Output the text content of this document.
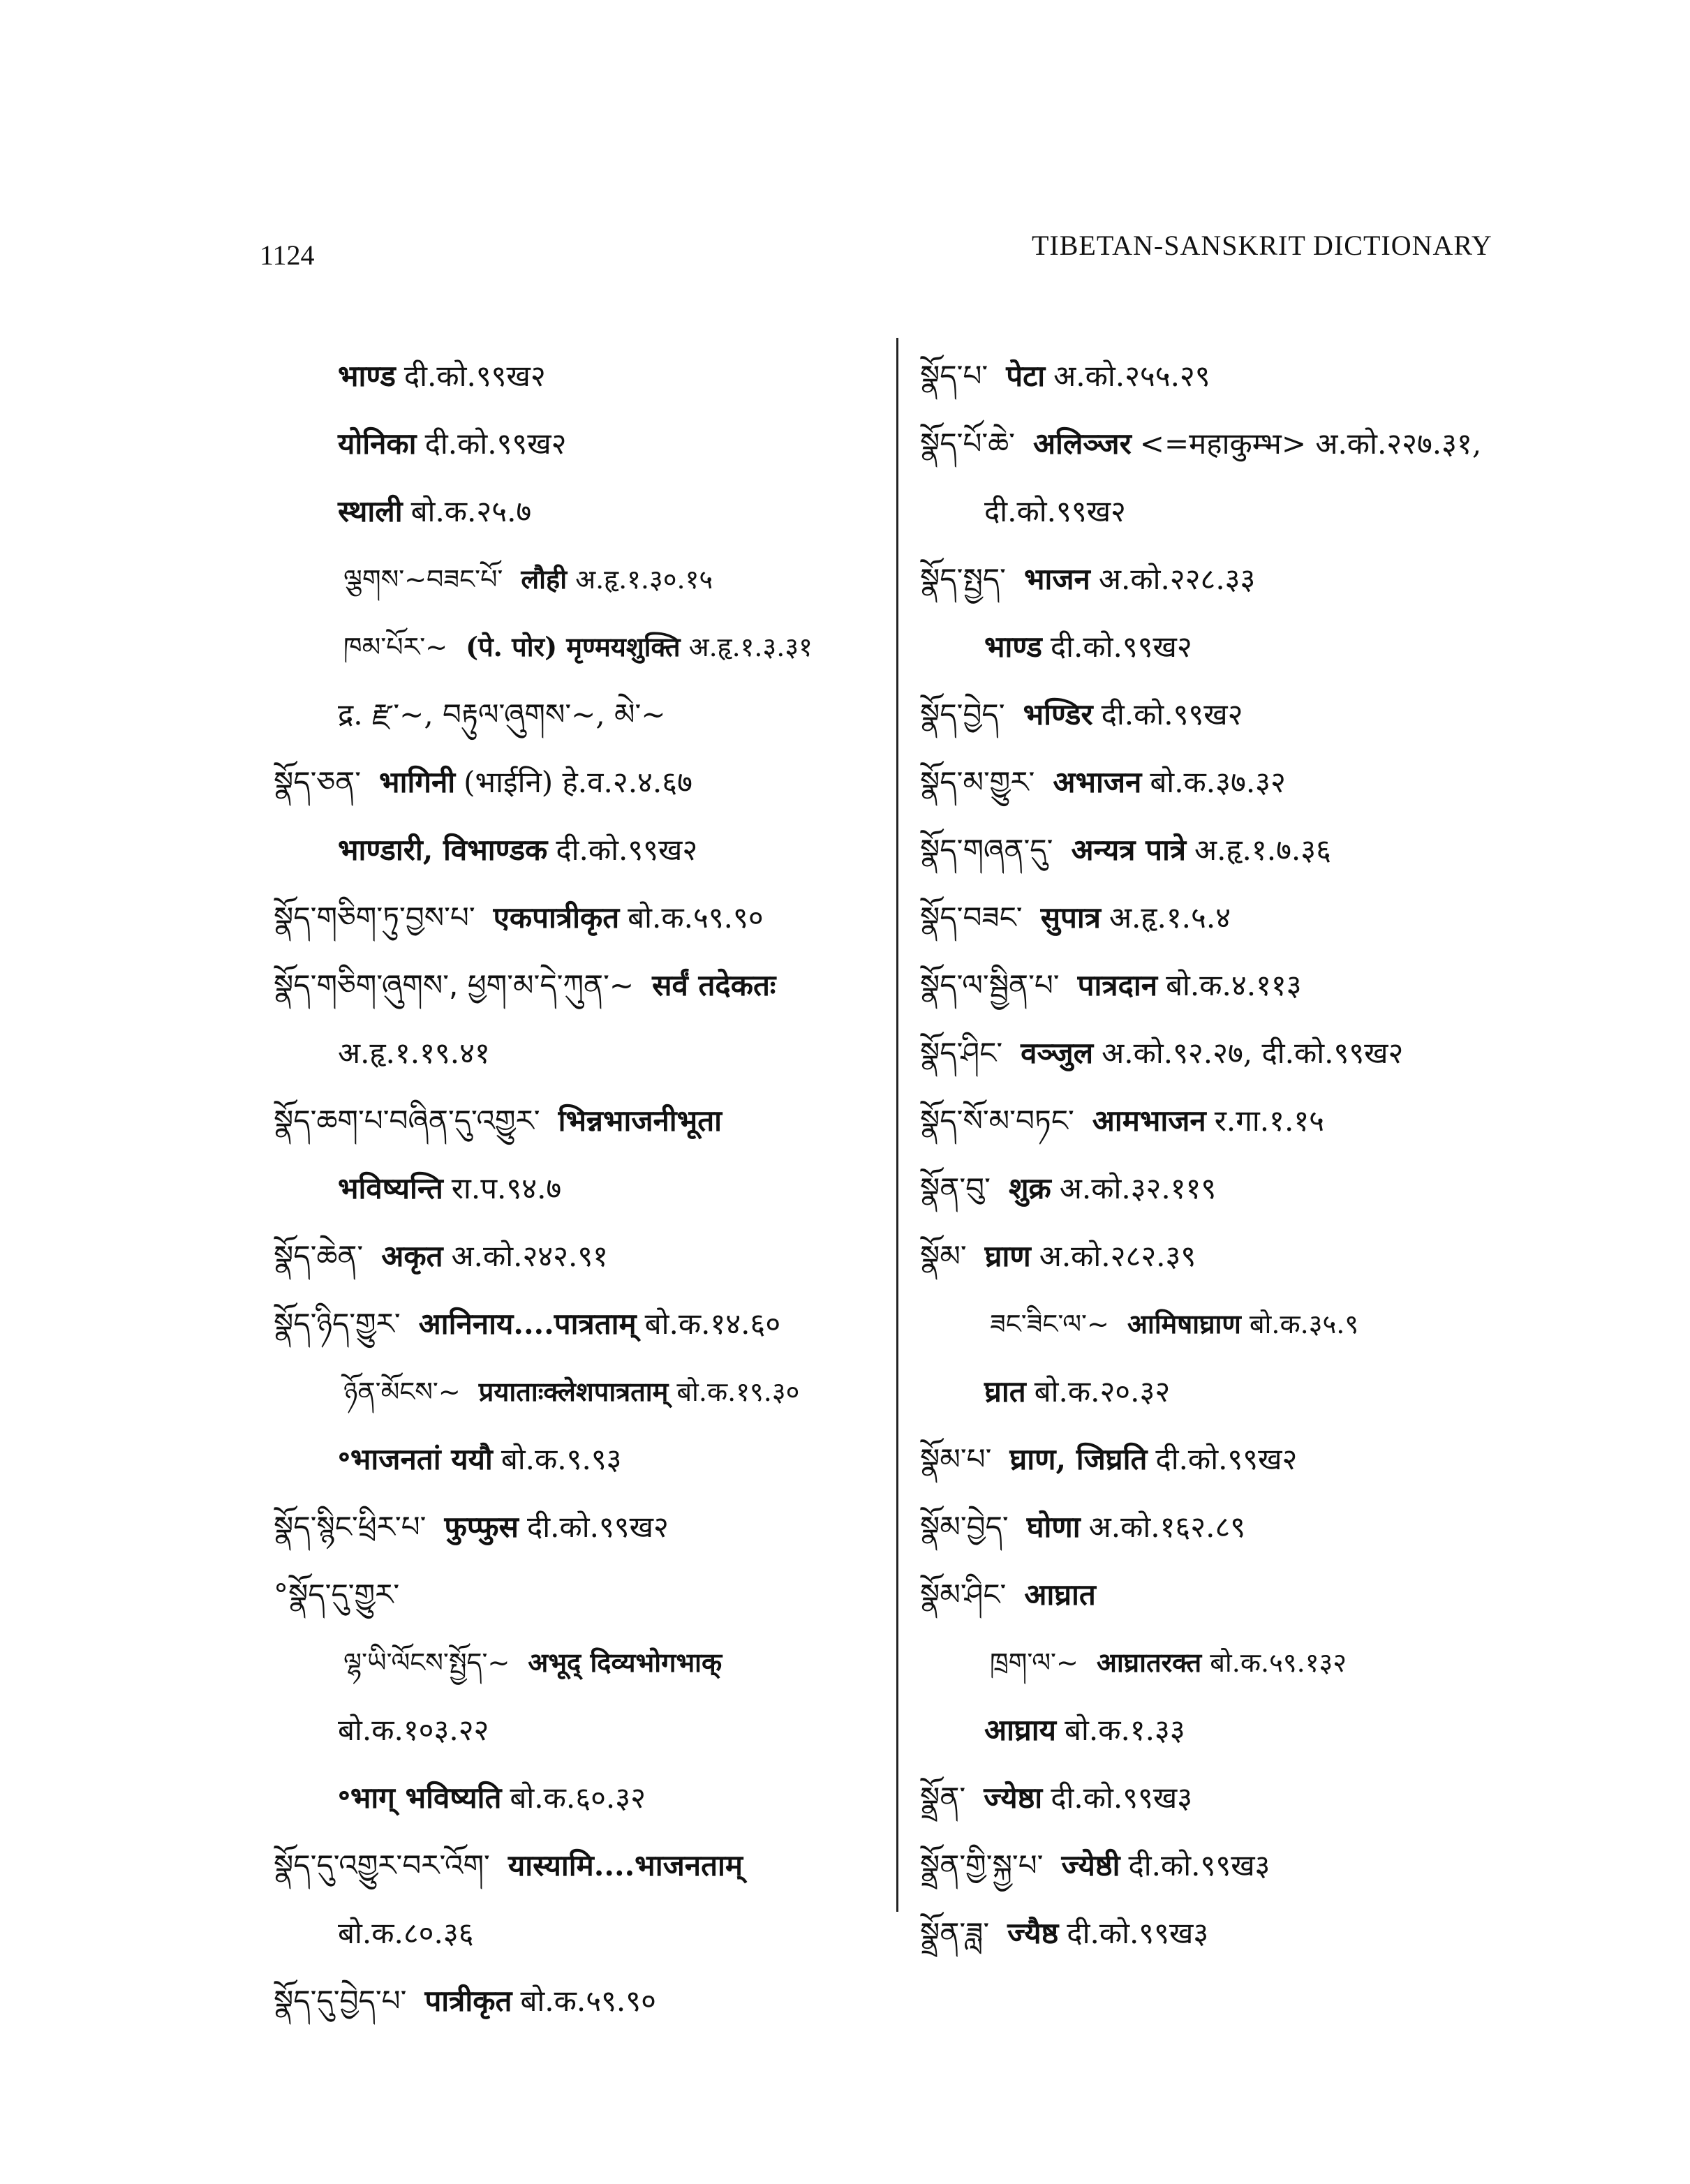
1124	TIBETAN-SANSKRIT DICTIONARY
भाण्ड दी.को.९९ख२
योनिका दी.को.९९ख२
स्थाली बो.क.२५.७
ལྕགས་~བཟང་པོ་ लौही अ.हृ.१.३०.१५
ཁམ་པོར་~ (पे. पोर) मृण्मयशुक्ति अ.हृ.१.३.३१
द्र. རྫ་~, བརྟུལ་ཞུགས་~, མེ་~
སྣོད་ཅན་ भागिनी (भाईनि) हे.व.२.४.६७
भाण्डारी, विभाण्डक दी.को.९९ख२
སྣོད་གཅིག་ཏུ་བྱས་པ་ एकपात्रीकृत बो.क.५९.९०
སྣོད་གཅིག་ཞུགས་, ཕྱག་མ་དེ་ཀུན་~ सर्वं तदेकतः
अ.हृ.१.१९.४१
སྣོད་ཆག་པ་བཞིན་དུ་འགྱུར་ भिन्नभाजनीभूता
भविष्यन्ति रा.प.९४.७
སྣོད་ཆེན་ अकृत अ.को.२४२.९१
སྣོད་ཉིད་གྱུར་ आनिनाय....पात्रताम् बो.क.१४.६०
ཉོན་མོངས་~ प्रयाताःक्लेशपात्रताम् बो.क.१९.३०
॰भाजनतां ययौ बो.क.९.९३
སྣོད་སྙིང་ཕྲིར་པ་ फुप्फुस दी.को.९९ख२
°སྣོད་དུ་གྱུར་
ལྷ་ཡི་ལོངས་སྤྱོད་~ अभूद् दिव्यभोगभाक्
बो.क.१०३.२२
॰भाग् भविष्यति बो.क.६०.३२
སྣོད་དུ་འགྱུར་བར་འོག་ यास्यामि....भाजनताम्
बो.क.८०.३६
སྣོད་དུ་བྱེད་པ་ पात्रीकृत बो.क.५९.९०
སྣོད་པ་ पेटा अ.को.२५५.२९
སྣོད་པོ་ཆེ་ अलिञ्जर <=महाकुम्भ> अ.को.२२७.३१,
दी.को.९९ख२
སྣོད་སྤྱད་ भाजन अ.को.२२८.३३
भाण्ड दी.को.९९ख२
སྣོད་བྱེད་ भण्डिर दी.को.९९ख२
སྣོད་མ་གྱུར་ अभाजन बो.क.३७.३२
སྣོད་གཞན་དུ་ अन्यत्र पात्रे अ.हृ.१.७.३६
སྣོད་བཟང་ सुपात्र अ.हृ.१.५.४
སྣོད་ལ་སྦྱིན་པ་ पात्रदान बो.क.४.११३
སྣོད་ཤིང་ वञ्जुल अ.को.९२.२७, दी.को.९९ख२
སྣོད་སོ་མ་བཏང་ आमभाजन र.गा.१.१५
སྣོན་བུ་ शुक्र अ.को.३२.११९
སྣོམ་ घ्राण अ.को.२८२.३९
ཟང་ཟིང་ལ་~ आमिषाघ्राण बो.क.३५.९
घ्रात बो.क.२०.३२
སྣོམ་པ་ घ्राण, जिघ्रति दी.को.९९ख२
སྣོམ་བྱེད་ घोणा अ.को.१६२.८९
སྣོམ་ཤིང་ आघ्रात
ཁྲག་ལ་~ आघ्रातरक्त बो.क.५९.१३२
आघ्राय बो.क.१.३३
སྣྲོན་ ज्येष्ठा दी.को.९९ख३
སྣྲོན་གྱི་སྐྱ་པ་ ज्येष्ठी दी.को.९९ख३
སྣྲོན་ཟླ་ ज्यैष्ठ दी.को.९९ख३
